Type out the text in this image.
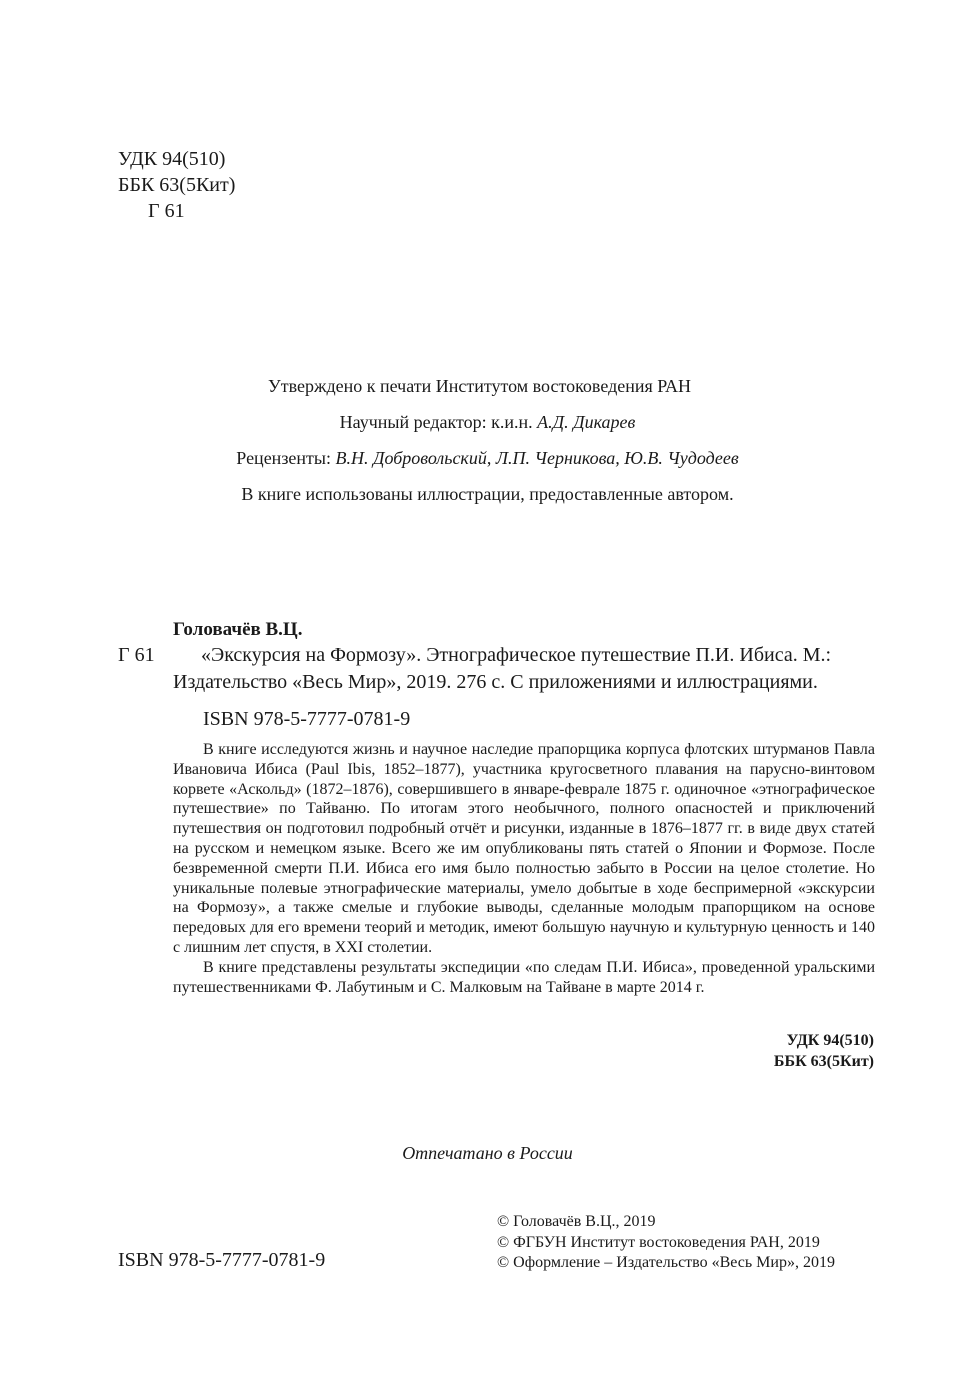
УДК 94(510)
ББК 63(5Кит)
Г 61

Утверждено к печати Институтом востоковедения РАН

Научный редактор: к.и.н. А.Д. Дикарев

Рецензенты: В.Н. Добровольский, Л.П. Черникова, Ю.В. Чудодеев

В книге использованы иллюстрации, предоставленные автором.

Головачёв В.Ц.
Г 61	«Экскурсия на Формозу». Этнографическое путешествие П.И. Ибиса. М.:
Издательство «Весь Мир», 2019. 276 с. С приложениями и иллюстрациями.
ISBN 978-5-7777-0781-9

В книге исследуются жизнь и научное наследие прапорщика корпуса флотских штурманов Павла Ивановича Ибиса (Paul Ibis, 1852–1877), участника кругосветного плавания на парусно-винтовом корвете «Аскольд» (1872–1876), совершившего в январе-феврале 1875 г. одиночное «этнографическое путешествие» по Тайваню. По итогам этого необычного, полного опасностей и приключений путешествия он подготовил подробный отчёт и рисунки, изданные в 1876–1877 гг. в виде двух статей на русском и немецком языке. Всего же им опубликованы пять статей о Японии и Формозе. После безвременной смерти П.И. Ибиса его имя было полностью забыто в России на целое столетие. Но уникальные полевые этнографические материалы, умело добытые в ходе беспримерной «экскурсии на Формозу», а также смелые и глубокие выводы, сделанные молодым прапорщиком на основе передовых для его времени теорий и методик, имеют большую научную и культурную ценность и 140 с лишним лет спустя, в XXI столетии.

В книге представлены результаты экспедиции «по следам П.И. Ибиса», проведенной уральскими путешественниками Ф. Лабутиным и С. Малковым на Тайване в марте 2014 г.

УДК 94(510)
ББК 63(5Кит)
Отпечатано в России
ISBN 978-5-7777-0781-9
© Головачёв В.Ц., 2019
© ФГБУН Институт востоковедения РАН, 2019
© Оформление – Издательство «Весь Мир», 2019
